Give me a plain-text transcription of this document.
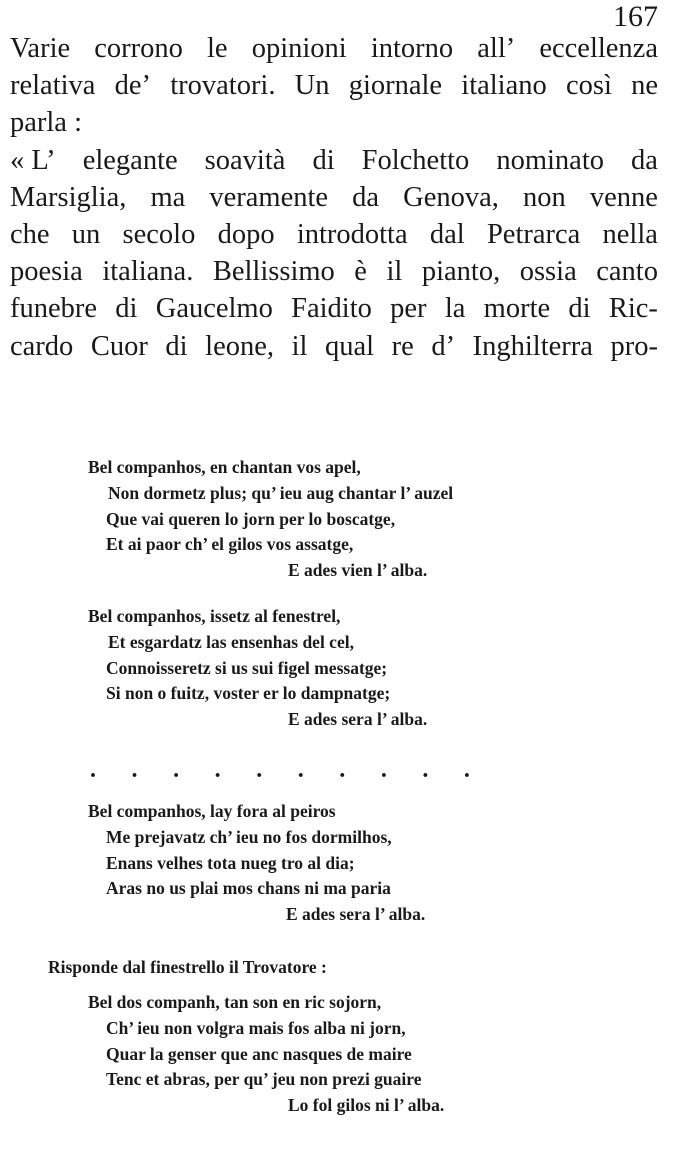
167
Varie corrono le opinioni intorno all’ eccellenza
relativa de’ trovatori. Un giornale italiano così ne
parla :
« L’ elegante soavità di Folchetto nominato da
Marsiglia, ma veramente da Genova, non venne
che un secolo dopo introdotta dal Petrarca nella
poesia italiana. Bellissimo è il pianto, ossia canto
funebre di Gaucelmo Faidito per la morte di Ric-
cardo Cuor di leone, il qual re d’ Inghilterra pro-
Bel companhos, en chantan vos apel,
Non dormetz plus; qu’ ieu aug chantar l’ auzel
Que vai queren lo jorn per lo boscatge,
Et ai paor ch’ el gilos vos assatge,
E ades vien l’ alba.
Bel companhos, issetz al fenestrel,
Et esgardatz las ensenhas del cel,
Connoisseretz si us sui figel messatge;
Si non o fuitz, voster er lo dampnatge;
E ades sera l’ alba.
. . . . . . . . . .
Bel companhos, lay fora al peiros
Me prejavatz ch’ ieu no fos dormilhos,
Enans velhes tota nueg tro al dia;
Aras no us plai mos chans ni ma paria
E ades sera l’ alba.
Risponde dal finestrello il Trovatore :
Bel dos companh, tan son en ric sojorn,
Ch’ ieu non volgra mais fos alba ni jorn,
Quar la genser que anc nasques de maire
Tenc et abras, per qu’ jeu non prezi guaire
Lo fol gilos ni l’ alba.
